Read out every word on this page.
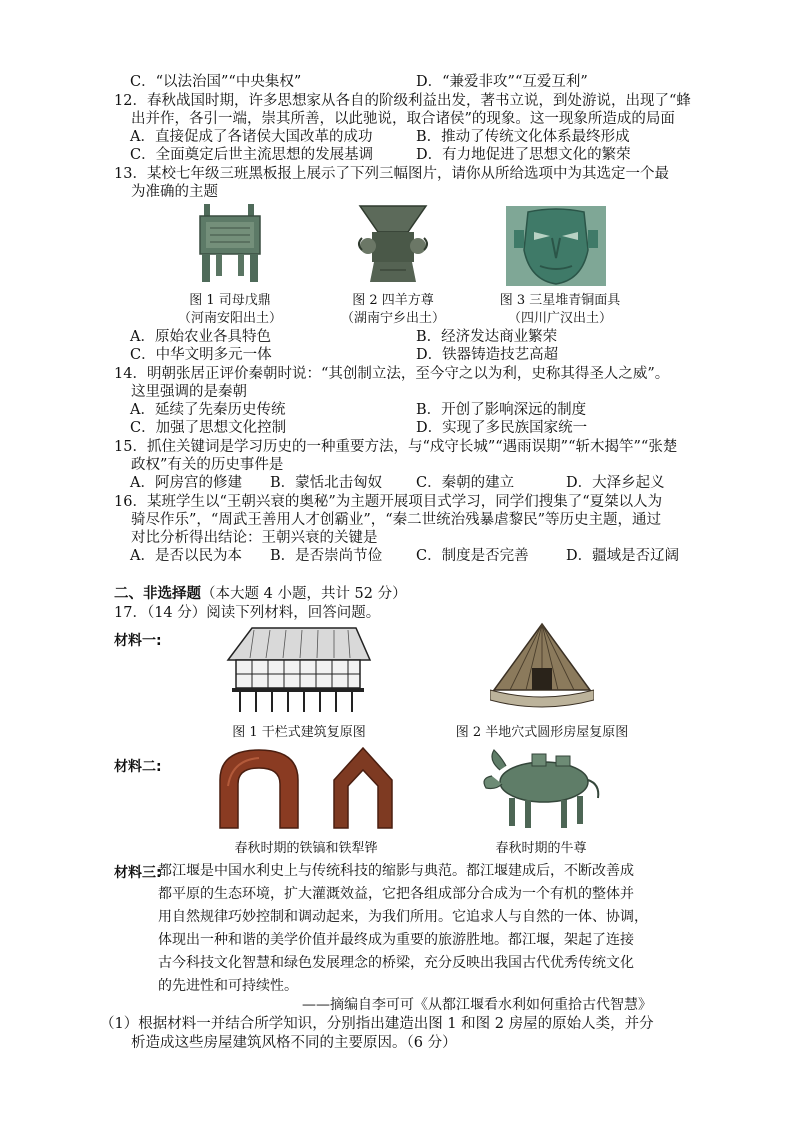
C．“以法治国”“中央集权”	D．“兼爱非攻”“互爱互利”
12．春秋战国时期，许多思想家从各自的阶级利益出发，著书立说，到处游说，出现了“蜂
出并作，各引一端，崇其所善，以此驰说，取合诸侯”的现象。这一现象所造成的局面
A．直接促成了各诸侯大国改革的成功	B．推动了传统文化体系最终形成
C．全面奠定后世主流思想的发展基调	D．有力地促进了思想文化的繁荣
13．某校七年级三班黑板报上展示了下列三幅图片，请你从所给选项中为其选定一个最
为准确的主题
图 1 司母戊鼎
（河南安阳出土）
图 2 四羊方尊
（湖南宁乡出土）
图 3 三星堆青铜面具
（四川广汉出土）
A．原始农业各具特色	B．经济发达商业繁荣
C．中华文明多元一体	D．铁器铸造技艺高超
14．明朝张居正评价秦朝时说：“其创制立法，至今守之以为利，史称其得圣人之威”。
这里强调的是秦朝
A．延续了先秦历史传统	B．开创了影响深远的制度
C．加强了思想文化控制	D．实现了多民族国家统一
15．抓住关键词是学习历史的一种重要方法，与“戍守长城”“遇雨误期”“斩木揭竿”“张楚
政权”有关的历史事件是
A．阿房宫的修建 B．蒙恬北击匈奴 C．秦朝的建立	D．大泽乡起义
16．某班学生以“王朝兴衰的奥秘”为主题开展项目式学习，同学们搜集了“夏桀以人为
骑尽作乐”，“周武王善用人才创霸业”，“秦二世统治残暴虐黎民”等历史主题，通过
对比分析得出结论：王朝兴衰的关键是
A．是否以民为本 B．是否崇尚节俭 C．制度是否完善	D．疆域是否辽阔
二、非选择题（本大题 4 小题，共计 52 分）
17．（14 分）阅读下列材料，回答问题。
材料一:
图 1 干栏式建筑复原图	图 2 半地穴式圆形房屋复原图
材料二:
春秋时期的铁镐和铁犁铧	春秋时期的牛尊
材料三:
都江堰是中国水利史上与传统科技的缩影与典范。都江堰建成后，不断改善成
都平原的生态环境，扩大灌溉效益，它把各组成部分合成为一个有机的整体并
用自然规律巧妙控制和调动起来，为我们所用。它追求人与自然的一体、协调，
体现出一种和谐的美学价值并最终成为重要的旅游胜地。都江堰，架起了连接
古今科技文化智慧和绿色发展理念的桥梁，充分反映出我国古代优秀传统文化
的先进性和可持续性。
——摘编自李可可《从都江堰看水利如何重拾古代智慧》
（1）根据材料一并结合所学知识，分别指出建造出图 1 和图 2 房屋的原始人类，并分
析造成这些房屋建筑风格不同的主要原因。（6 分）
